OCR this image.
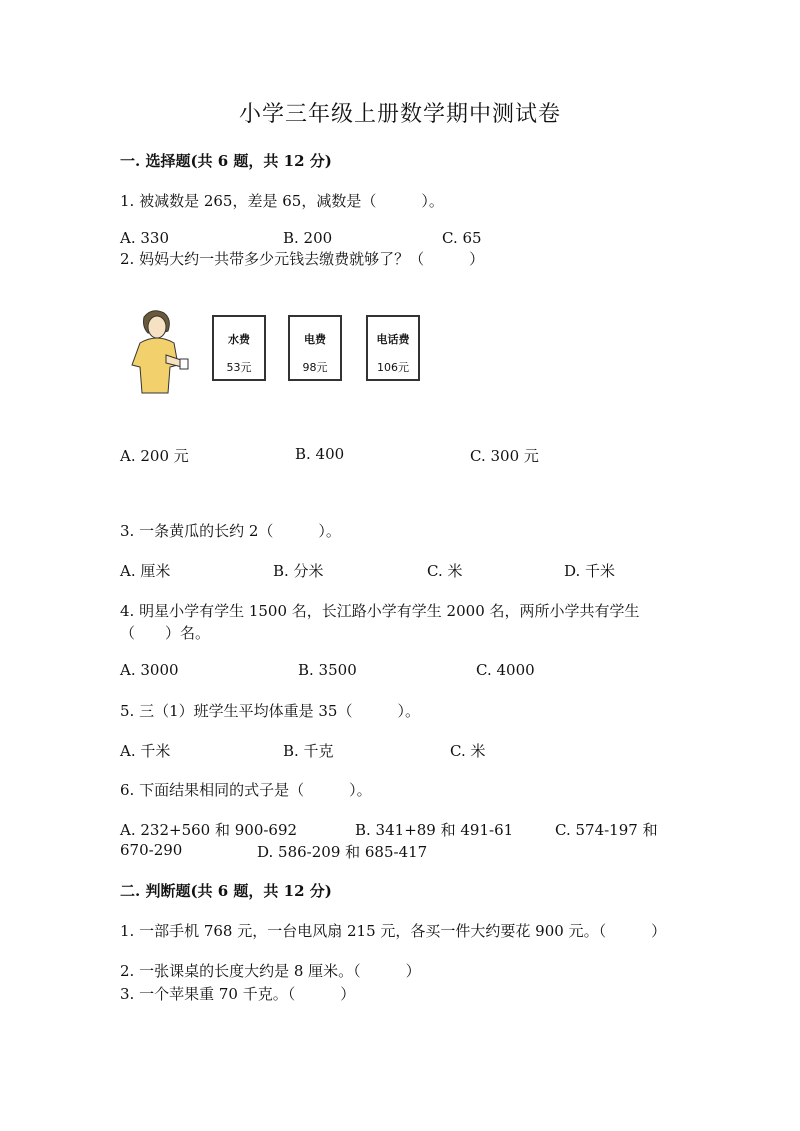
小学三年级上册数学期中测试卷
一. 选择题(共 6 题，共 12 分)
1. 被减数是 265，差是 65，减数是（　　　）。
A. 330	B. 200	C. 65
2. 妈妈大约一共带多少元钱去缴费就够了？（　　　）
水费
53元
电费
98元
电话费
106元
A. 200 元	B. 400	C. 300 元
3. 一条黄瓜的长约 2（　　　）。
A. 厘米	B. 分米	C. 米	D. 千米
4. 明星小学有学生 1500 名，长江路小学有学生 2000 名，两所小学共有学生
（　　）名。
A. 3000	B. 3500	C. 4000
5. 三（1）班学生平均体重是 35（　　　）。
A. 千米	B. 千克	C. 米
6. 下面结果相同的式子是（　　　）。
A. 232+560 和 900-692	B. 341+89 和 491-61	C. 574-197 和
670-290	D. 586-209 和 685-417
二. 判断题(共 6 题，共 12 分)
1. 一部手机 768 元，一台电风扇 215 元，各买一件大约要花 900 元。（　　　）
2. 一张课桌的长度大约是 8 厘米。（　　　）
3. 一个苹果重 70 千克。（　　　）
